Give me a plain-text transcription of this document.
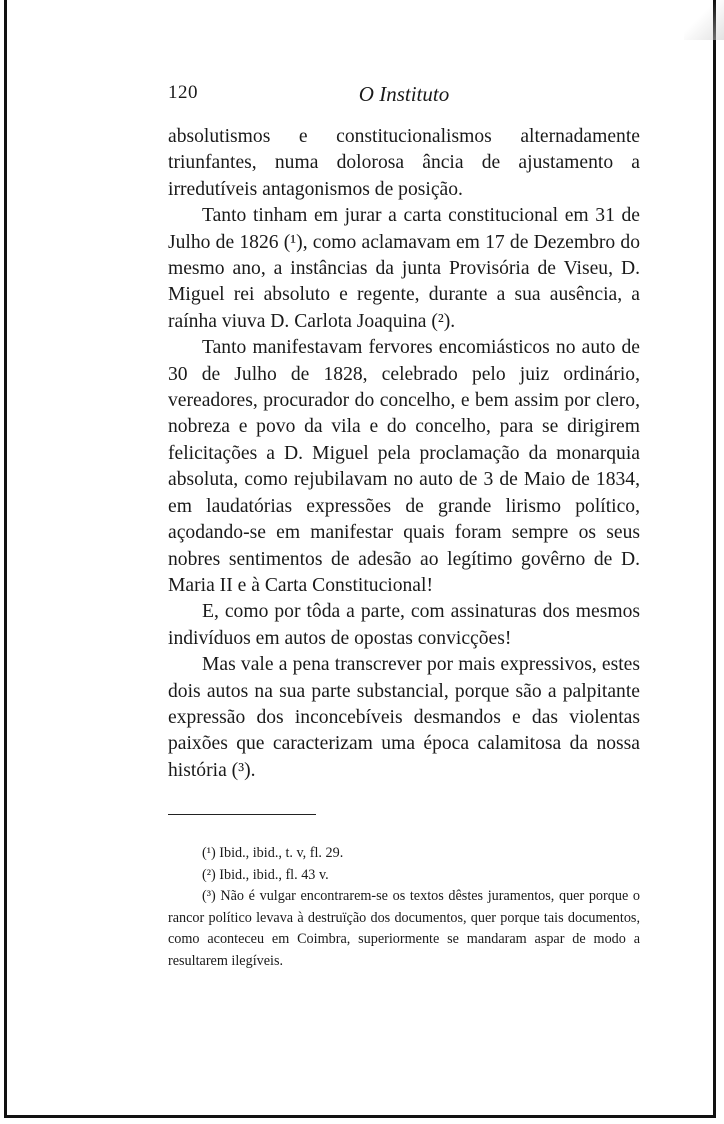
120	O Instituto

absolutismos e constitucionalismos alternadamente triunfantes, numa dolorosa ância de ajustamento a irredutíveis antagonismos de posição.

Tanto tinham em jurar a carta constitucional em 31 de Julho de 1826 (¹), como aclamavam em 17 de Dezembro do mesmo ano, a instâncias da junta Provisória de Viseu, D. Miguel rei absoluto e regente, durante a sua ausência, a raínha viuva D. Carlota Joaquina (²).

Tanto manifestavam fervores encomiásticos no auto de 30 de Julho de 1828, celebrado pelo juiz ordinário, vereadores, procurador do concelho, e bem assim por clero, nobreza e povo da vila e do concelho, para se dirigirem felicitações a D. Miguel pela proclamação da monarquia absoluta, como rejubilavam no auto de 3 de Maio de 1834, em laudatórias expressões de grande lirismo político, açodando-se em manifestar quais foram sempre os seus nobres sentimentos de adesão ao legítimo govêrno de D. Maria II e à Carta Constitucional!

E, como por tôda a parte, com assinaturas dos mesmos indivíduos em autos de opostas convicções!

Mas vale a pena transcrever por mais expressivos, estes dois autos na sua parte substancial, porque são a palpitante expressão dos inconcebíveis desmandos e das violentas paixões que caracterizam uma época calamitosa da nossa história (³).

(¹) Ibid., ibid., t. v, fl. 29.

(²) Ibid., ibid., fl. 43 v.

(³) Não é vulgar encontrarem-se os textos dêstes juramentos, quer porque o rancor político levava à destruïção dos documentos, quer porque tais documentos, como aconteceu em Coimbra, superiormente se mandaram aspar de modo a resultarem ilegíveis.
